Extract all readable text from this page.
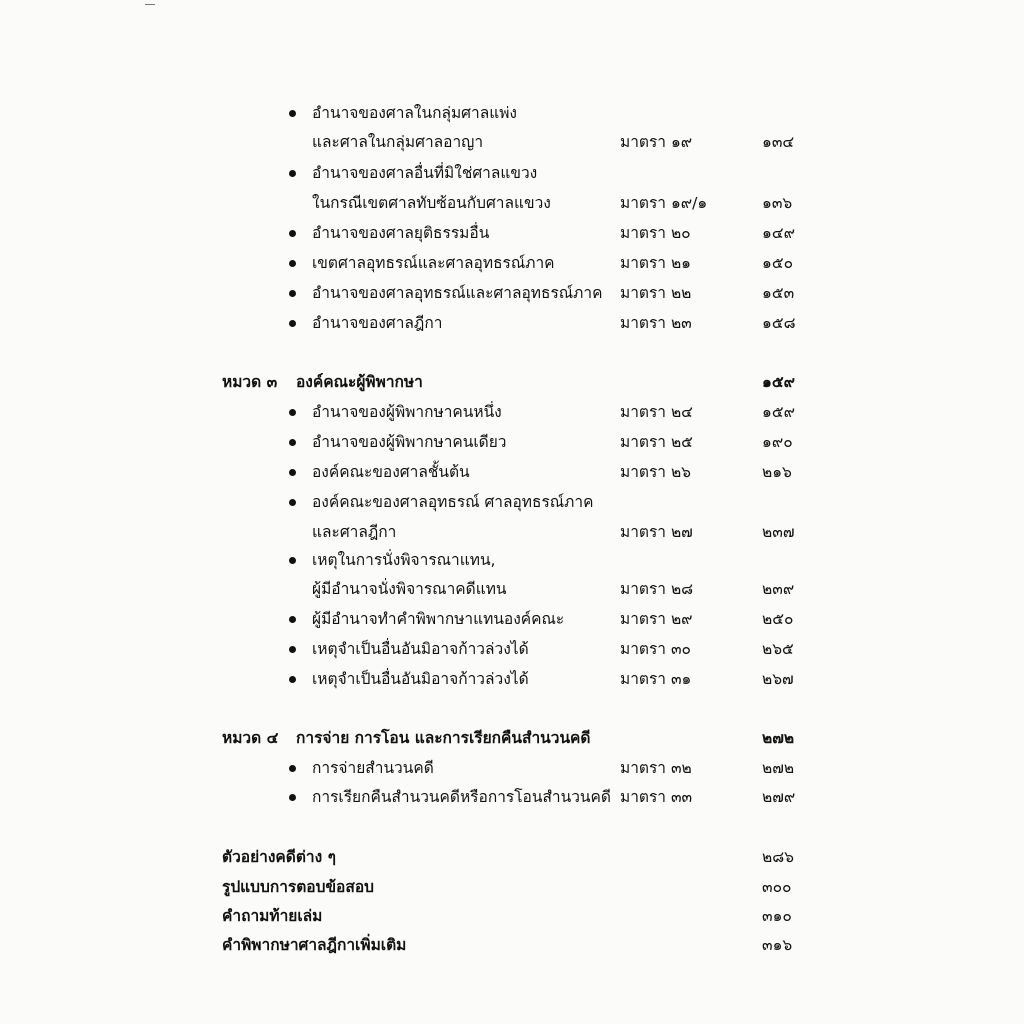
อำนาจของศาลในกลุ่มศาลแพ่ง
และศาลในกลุ่มศาลอาญา	มาตรา ๑๙	๑๓๔
อำนาจของศาลอื่นที่มิใช่ศาลแขวง
ในกรณีเขตศาลทับซ้อนกับศาลแขวง	มาตรา ๑๙/๑	๑๓๖
อำนาจของศาลยุติธรรมอื่น	มาตรา ๒๐	๑๔๙
เขตศาลอุทธรณ์และศาลอุทธรณ์ภาค	มาตรา ๒๑	๑๕๐
อำนาจของศาลอุทธรณ์และศาลอุทธรณ์ภาค มาตรา ๒๒	๑๕๓
อำนาจของศาลฎีกา	มาตรา ๒๓	๑๕๘
หมวด ๓ องค์คณะผู้พิพากษา	๑๕๙
อำนาจของผู้พิพากษาคนหนึ่ง	มาตรา ๒๔	๑๕๙
อำนาจของผู้พิพากษาคนเดียว	มาตรา ๒๕	๑๙๐
องค์คณะของศาลชั้นต้น	มาตรา ๒๖	๒๑๖
องค์คณะของศาลอุทธรณ์ ศาลอุทธรณ์ภาค
และศาลฎีกา	มาตรา ๒๗	๒๓๗
เหตุในการนั่งพิจารณาแทน,
ผู้มีอำนาจนั่งพิจารณาคดีแทน	มาตรา ๒๘	๒๓๙
ผู้มีอำนาจทำคำพิพากษาแทนองค์คณะ	มาตรา ๒๙	๒๕๐
เหตุจำเป็นอื่นอันมิอาจก้าวล่วงได้	มาตรา ๓๐	๒๖๕
เหตุจำเป็นอื่นอันมิอาจก้าวล่วงได้	มาตรา ๓๑	๒๖๗
หมวด ๔ การจ่าย การโอน และการเรียกคืนสำนวนคดี	๒๗๒
การจ่ายสำนวนคดี	มาตรา ๓๒	๒๗๒
การเรียกคืนสำนวนคดีหรือการโอนสำนวนคดี มาตรา ๓๓	๒๗๙
ตัวอย่างคดีต่าง ๆ	๒๘๖
รูปแบบการตอบข้อสอบ	๓๐๐
คำถามท้ายเล่ม	๓๑๐
คำพิพากษาศาลฎีกาเพิ่มเติม	๓๑๖
